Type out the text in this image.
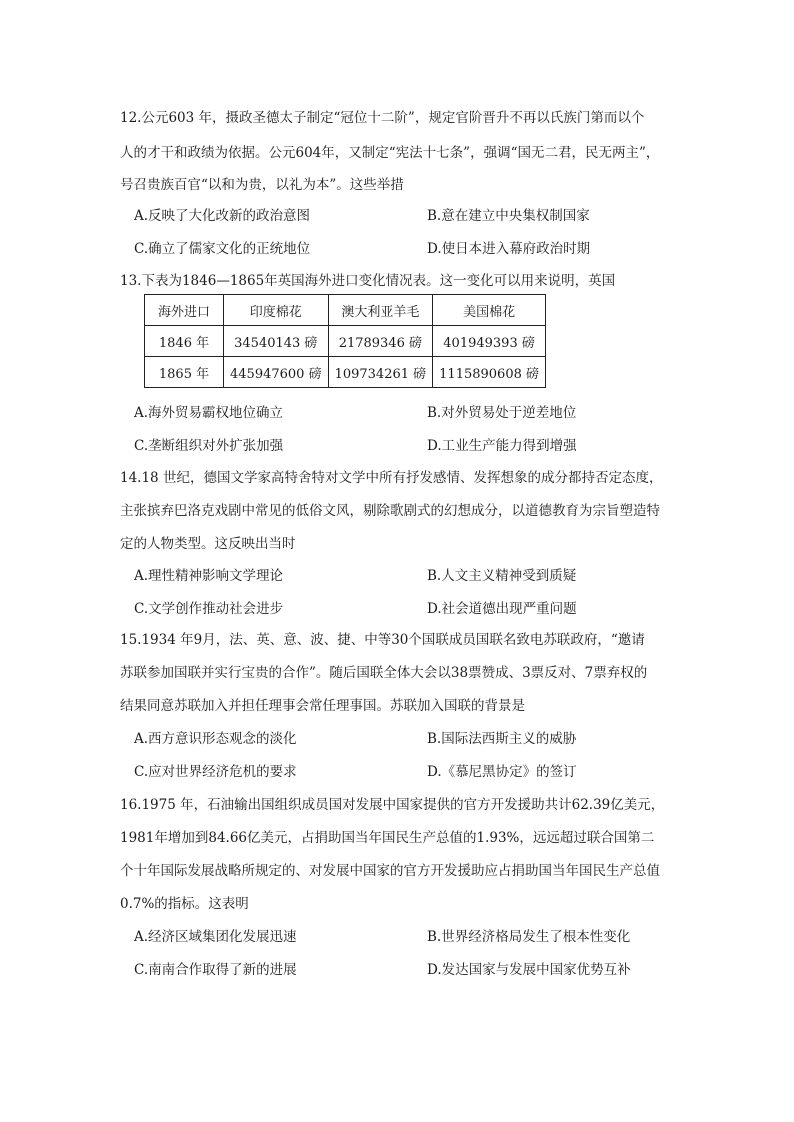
12.公元603 年，摄政圣德太子制定“冠位十二阶”，规定官阶晋升不再以氏族门第而以个
人的才干和政绩为依据。公元604年，又制定“宪法十七条”，强调“国无二君，民无两主”，
号召贵族百官“以和为贵，以礼为本”。这些举措
A.反映了大化改新的政治意图	B.意在建立中央集权制国家
C.确立了儒家文化的正统地位	D.使日本进入幕府政治时期
13.下表为1846—1865年英国海外进口变化情况表。这一变化可以用来说明，英国
海外进口	印度棉花	澳大利亚羊毛	美国棉花
1846 年	34540143 磅	21789346 磅	401949393 磅
1865 年	445947600 磅	109734261 磅	1115890608 磅
A.海外贸易霸权地位确立	B.对外贸易处于逆差地位
C.垄断组织对外扩张加强	D.工业生产能力得到增强
14.18 世纪，德国文学家高特舍特对文学中所有抒发感情、发挥想象的成分都持否定态度，
主张摈弃巴洛克戏剧中常见的低俗文风，剔除歌剧式的幻想成分，以道德教育为宗旨塑造特
定的人物类型。这反映出当时
A.理性精神影响文学理论	B.人文主义精神受到质疑
C.文学创作推动社会进步	D.社会道德出现严重问题
15.1934 年9月，法、英、意、波、捷、中等30个国联成员国联名致电苏联政府，“邀请
苏联参加国联并实行宝贵的合作”。随后国联全体大会以38票赞成、3票反对、7票弃权的
结果同意苏联加入并担任理事会常任理事国。苏联加入国联的背景是
A.西方意识形态观念的淡化	B.国际法西斯主义的威胁
C.应对世界经济危机的要求	D.《慕尼黑协定》的签订
16.1975 年，石油输出国组织成员国对发展中国家提供的官方开发援助共计62.39亿美元，
1981年增加到84.66亿美元，占捐助国当年国民生产总值的1.93%，远远超过联合国第二
个十年国际发展战略所规定的、对发展中国家的官方开发援助应占捐助国当年国民生产总值
0.7%的指标。这表明
A.经济区域集团化发展迅速	B.世界经济格局发生了根本性变化
C.南南合作取得了新的进展	D.发达国家与发展中国家优势互补
